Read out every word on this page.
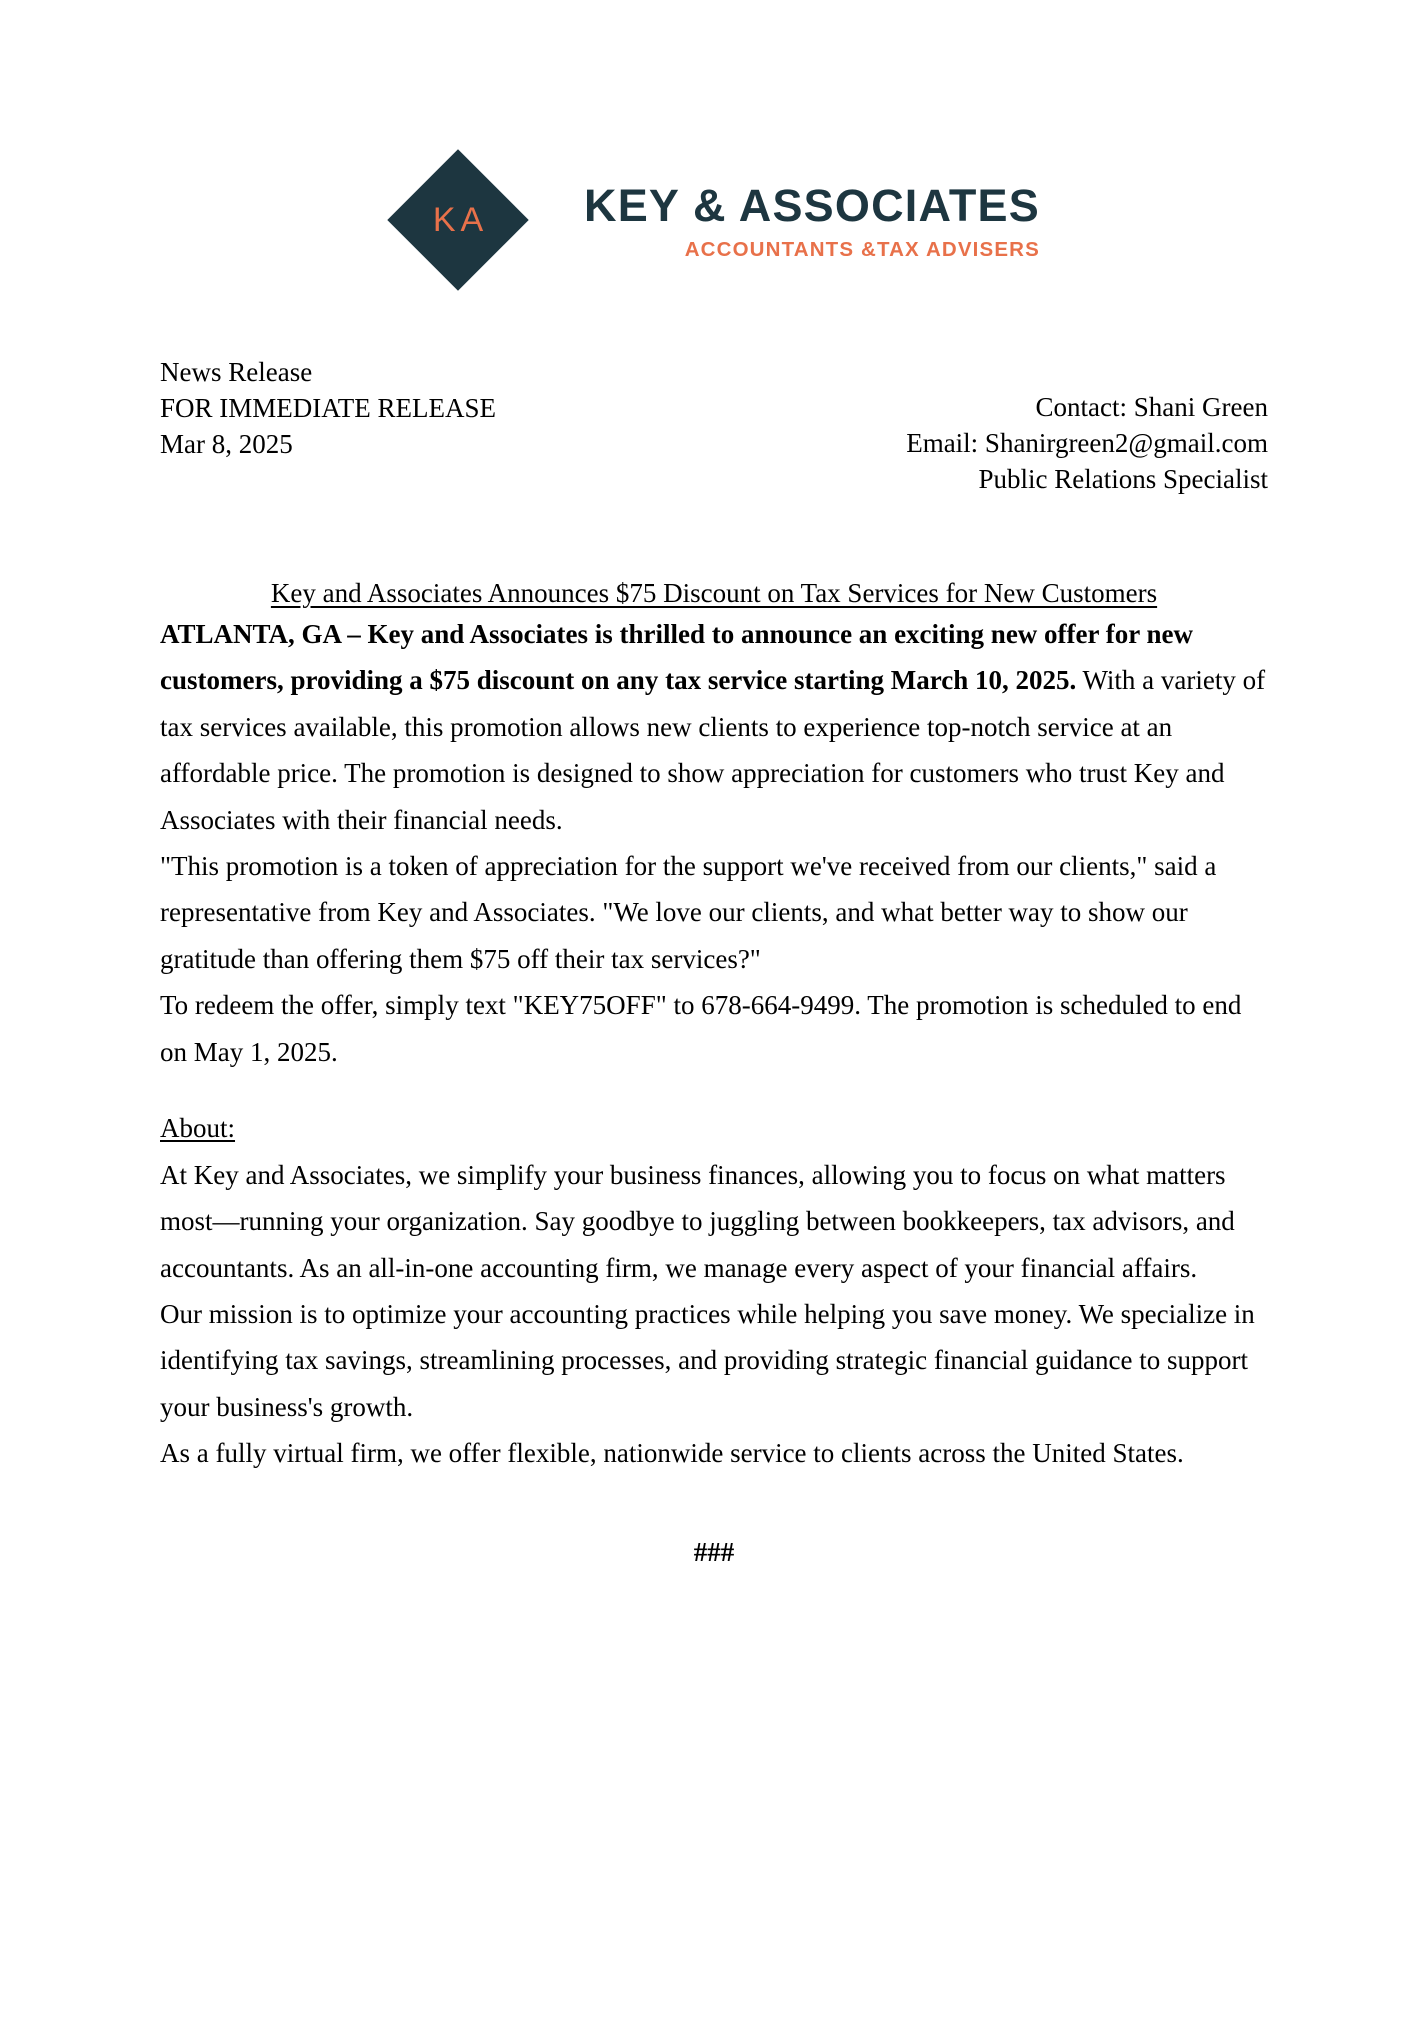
KA	KEY & ASSOCIATES
ACCOUNTANTS &TAX ADVISERS
News Release
FOR IMMEDIATE RELEASE
Mar 8, 2025
Contact: Shani Green
Email: Shanirgreen2@gmail.com
Public Relations Specialist
Key and Associates Announces $75 Discount on Tax Services for New Customers

ATLANTA, GA – Key and Associates is thrilled to announce an exciting new offer for new customers, providing a $75 discount on any tax service starting March 10, 2025. With a variety of tax services available, this promotion allows new clients to experience top-notch service at an affordable price. The promotion is designed to show appreciation for customers who trust Key and Associates with their financial needs.

"This promotion is a token of appreciation for the support we've received from our clients," said a representative from Key and Associates. "We love our clients, and what better way to show our gratitude than offering them $75 off their tax services?"

To redeem the offer, simply text "KEY75OFF" to 678-664-9499. The promotion is scheduled to end on May 1, 2025.

About:

At Key and Associates, we simplify your business finances, allowing you to focus on what matters most—running your organization. Say goodbye to juggling between bookkeepers, tax advisors, and accountants. As an all-in-one accounting firm, we manage every aspect of your financial affairs.

Our mission is to optimize your accounting practices while helping you save money. We specialize in identifying tax savings, streamlining processes, and providing strategic financial guidance to support your business's growth.

As a fully virtual firm, we offer flexible, nationwide service to clients across the United States.

###
